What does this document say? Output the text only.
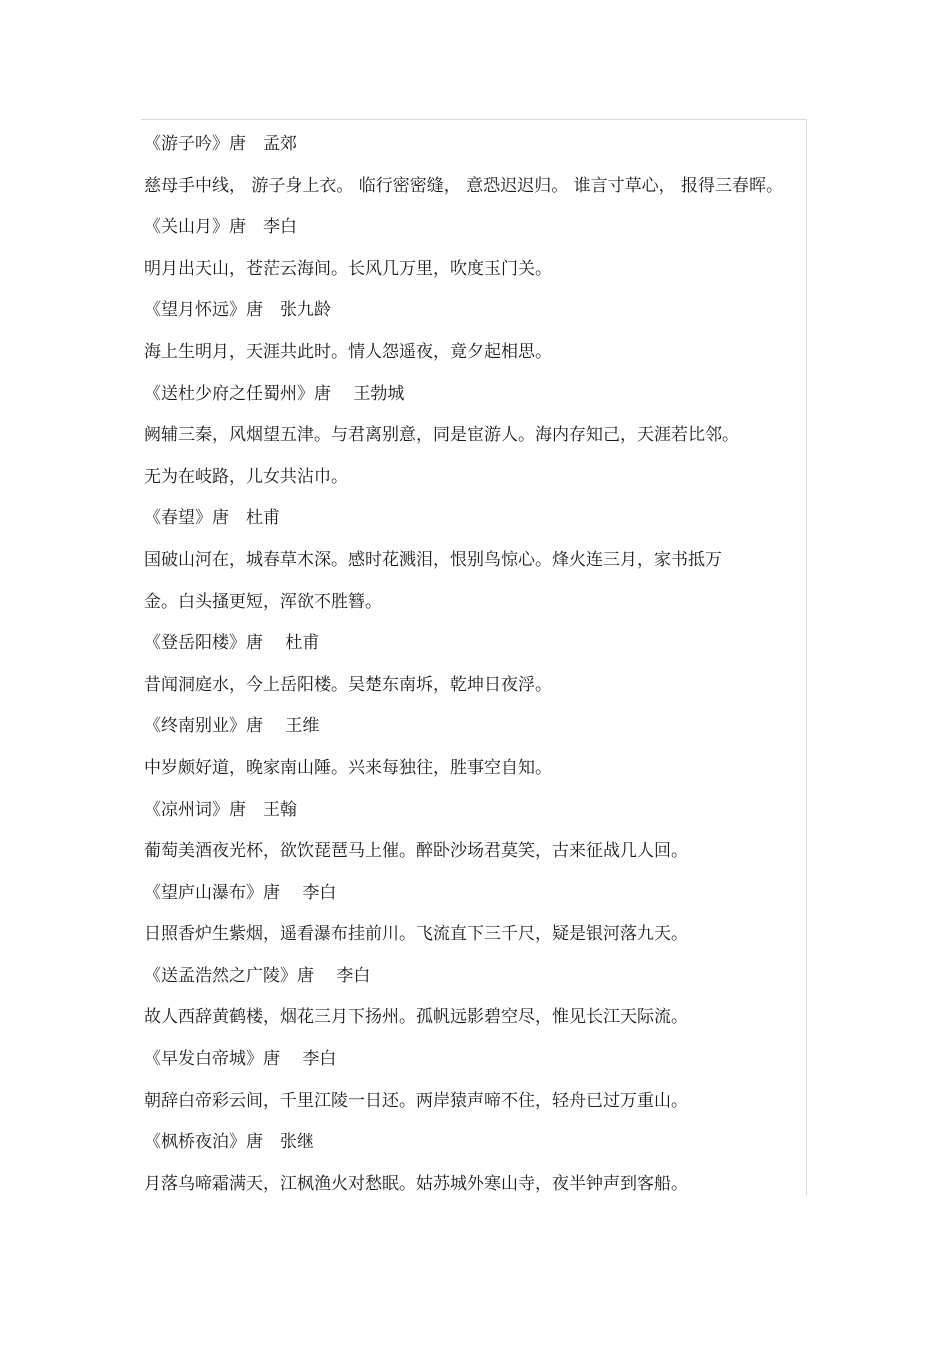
《游子吟》唐　孟郊
慈母手中线， 游子身上衣。 临行密密缝， 意恐迟迟归。 谁言寸草心， 报得三春晖。
《关山月》唐　李白
明月出天山，苍茫云海间。长风几万里，吹度玉门关。
《望月怀远》唐　张九龄
海上生明月，天涯共此时。情人怨遥夜，竟夕起相思。
《送杜少府之任蜀州》唐　 王勃城
阙辅三秦，风烟望五津。与君离别意，同是宦游人。海内存知己，天涯若比邻。
无为在岐路，儿女共沾巾。
《春望》唐　杜甫
国破山河在，城春草木深。感时花溅泪，恨别鸟惊心。烽火连三月，家书抵万
金。白头搔更短，浑欲不胜簪。
《登岳阳楼》唐　 杜甫
昔闻洞庭水，今上岳阳楼。吴楚东南坼，乾坤日夜浮。
《终南别业》唐　 王维
中岁颇好道，晚家南山陲。兴来每独往，胜事空自知。
《凉州词》唐　王翰
葡萄美酒夜光杯，欲饮琵琶马上催。醉卧沙场君莫笑，古来征战几人回。
《望庐山瀑布》唐　 李白
日照香炉生紫烟，遥看瀑布挂前川。飞流直下三千尺，疑是银河落九天。
《送孟浩然之广陵》唐　 李白
故人西辞黄鹤楼，烟花三月下扬州。孤帆远影碧空尽，惟见长江天际流。
《早发白帝城》唐　 李白
朝辞白帝彩云间，千里江陵一日还。两岸猿声啼不住，轻舟已过万重山。
《枫桥夜泊》唐　张继
月落乌啼霜满天，江枫渔火对愁眠。姑苏城外寒山寺，夜半钟声到客船。
